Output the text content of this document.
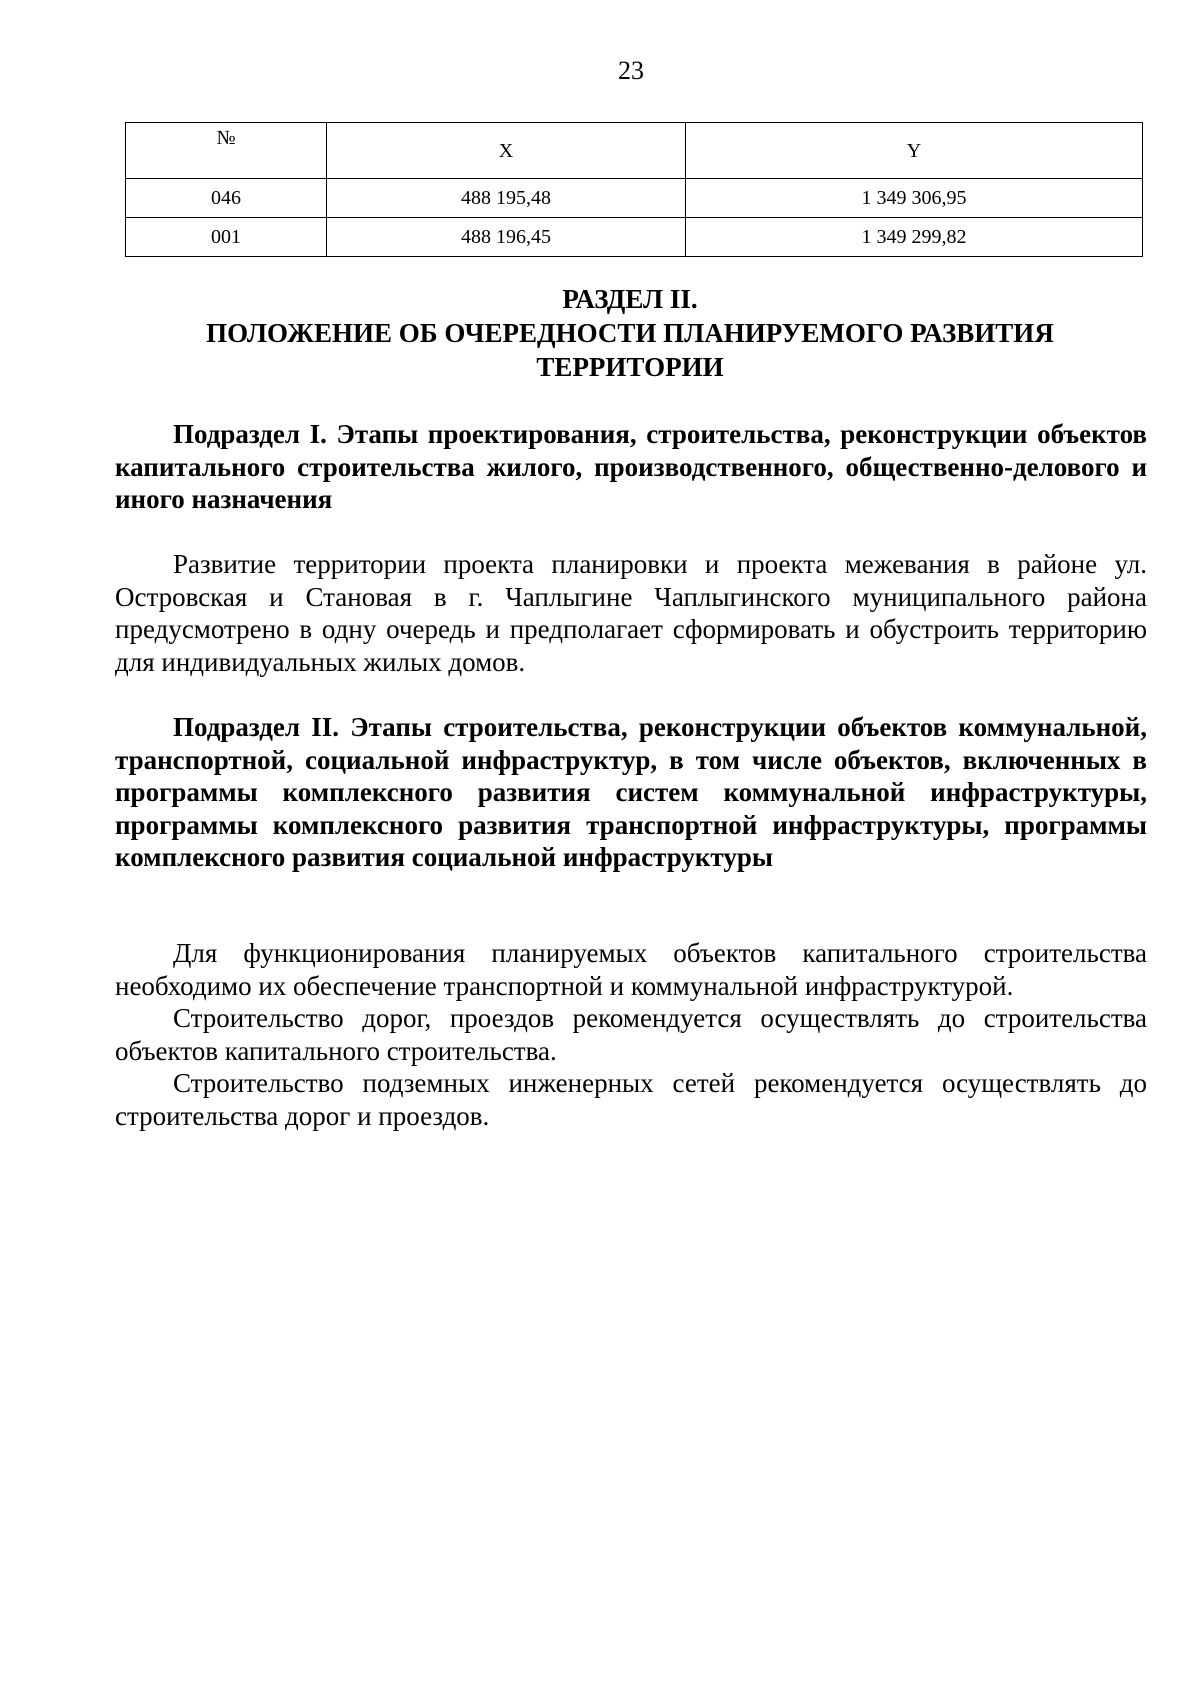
23
№	X	Y
046	488 195,48	1 349 306,95
001	488 196,45	1 349 299,82
РАЗДЕЛ II.
ПОЛОЖЕНИЕ ОБ ОЧЕРЕДНОСТИ ПЛАНИРУЕМОГО РАЗВИТИЯ
ТЕРРИТОРИИ

Подраздел I. Этапы проектирования, строительства, реконструкции объектов капитального строительства жилого, производственного, общественно-делового и иного назначения

Развитие территории проекта планировки и проекта межевания в районе ул. Островская и Становая в г. Чаплыгине Чаплыгинского муниципального района предусмотрено в одну очередь и предполагает сформировать и обустроить территорию для индивидуальных жилых домов.

Подраздел II. Этапы строительства, реконструкции объектов коммунальной, транспортной, социальной инфраструктур, в том числе объектов, включенных в программы комплексного развития систем коммунальной инфраструктуры, программы комплексного развития транспортной инфраструктуры, программы комплексного развития социальной инфраструктуры

Для функционирования планируемых объектов капитального строительства необходимо их обеспечение транспортной и коммунальной инфраструктурой.

Строительство дорог, проездов рекомендуется осуществлять до строительства объектов капитального строительства.

Строительство подземных инженерных сетей рекомендуется осуществлять до строительства дорог и проездов.
